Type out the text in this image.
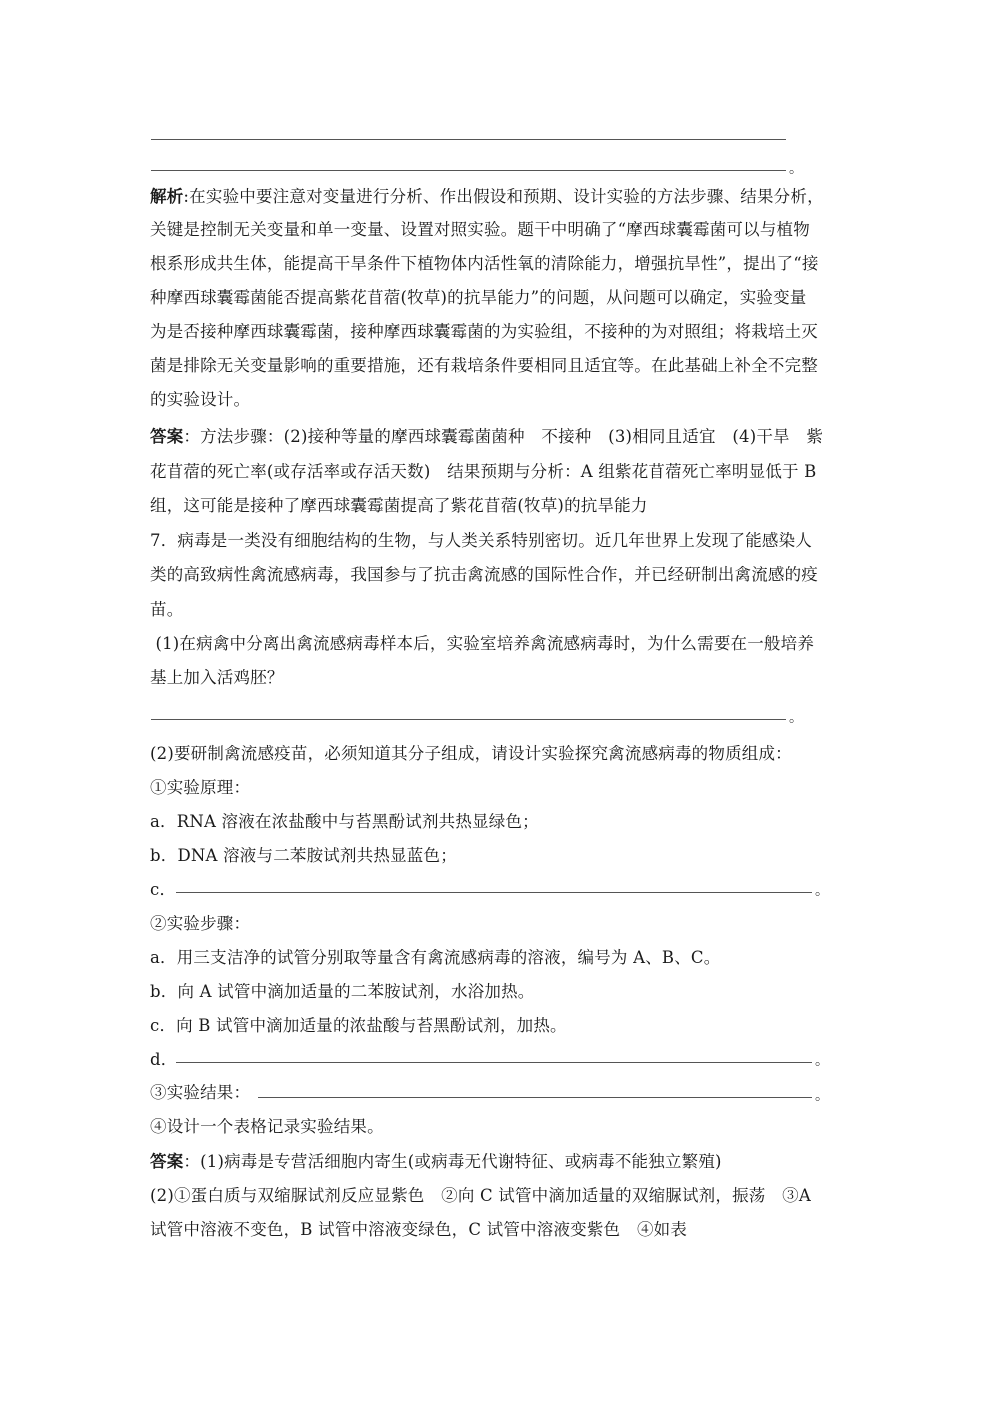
。
解析:在实验中要注意对变量进行分析、作出假设和预期、设计实验的方法步骤、结果分析，
关键是控制无关变量和单一变量、设置对照实验。题干中明确了“摩西球囊霉菌可以与植物
根系形成共生体，能提高干旱条件下植物体内活性氧的清除能力，增强抗旱性”，提出了“接
种摩西球囊霉菌能否提高紫花苜蓿(牧草)的抗旱能力”的问题，从问题可以确定，实验变量
为是否接种摩西球囊霉菌，接种摩西球囊霉菌的为实验组，不接种的为对照组；将栽培土灭
菌是排除无关变量影响的重要措施，还有栽培条件要相同且适宜等。在此基础上补全不完整
的实验设计。
答案：方法步骤：(2)接种等量的摩西球囊霉菌菌种　不接种　(3)相同且适宜　(4)干旱　紫
花苜蓿的死亡率(或存活率或存活天数)　结果预期与分析：A 组紫花苜蓿死亡率明显低于 B
组，这可能是接种了摩西球囊霉菌提高了紫花苜蓿(牧草)的抗旱能力
7．病毒是一类没有细胞结构的生物，与人类关系特别密切。近几年世界上发现了能感染人
类的高致病性禽流感病毒，我国参与了抗击禽流感的国际性合作，并已经研制出禽流感的疫
苗。
(1)在病禽中分离出禽流感病毒样本后，实验室培养禽流感病毒时，为什么需要在一般培养
基上加入活鸡胚？
。
(2)要研制禽流感疫苗，必须知道其分子组成，请设计实验探究禽流感病毒的物质组成：
①实验原理：
a．RNA 溶液在浓盐酸中与苔黑酚试剂共热显绿色；
b．DNA 溶液与二苯胺试剂共热显蓝色；
c．	。
②实验步骤：
a．用三支洁净的试管分别取等量含有禽流感病毒的溶液，编号为 A、B、C。
b．向 A 试管中滴加适量的二苯胺试剂，水浴加热。
c．向 B 试管中滴加适量的浓盐酸与苔黑酚试剂，加热。
d．	。
③实验结果：	。
④设计一个表格记录实验结果。
答案：(1)病毒是专营活细胞内寄生(或病毒无代谢特征、或病毒不能独立繁殖)
(2)①蛋白质与双缩脲试剂反应显紫色　②向 C 试管中滴加适量的双缩脲试剂，振荡　③A
试管中溶液不变色，B 试管中溶液变绿色，C 试管中溶液变紫色　④如表
